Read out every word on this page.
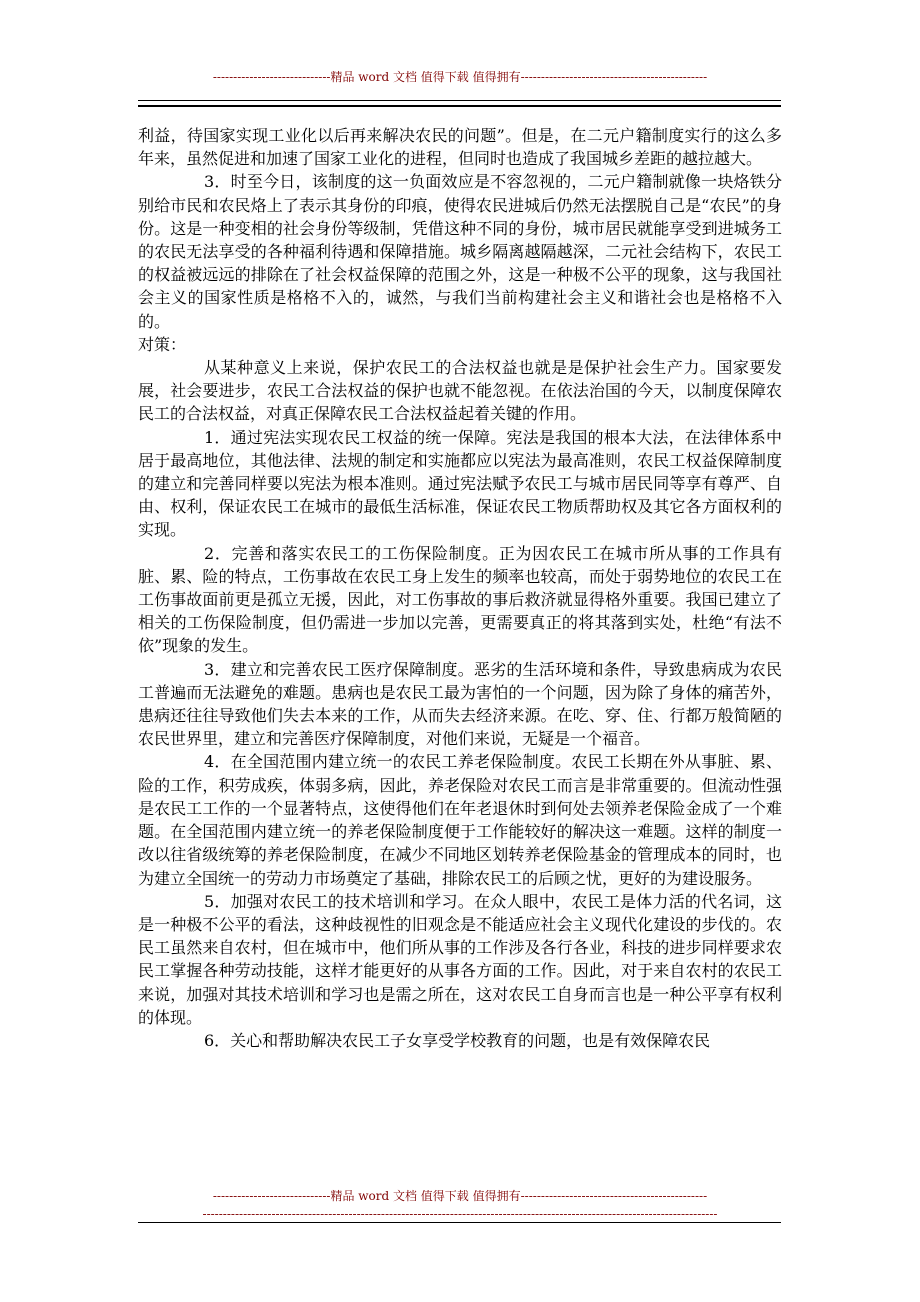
-----------------------------精品 word 文档 值得下载 值得拥有----------------------------------------------

利益，待国家实现工业化以后再来解决农民的问题”。但是，在二元户籍制度实行的这么多年来，虽然促进和加速了国家工业化的进程，但同时也造成了我国城乡差距的越拉越大。

3．时至今日，该制度的这一负面效应是不容忽视的，二元户籍制就像一块烙铁分别给市民和农民烙上了表示其身份的印痕，使得农民进城后仍然无法摆脱自己是“农民”的身份。这是一种变相的社会身份等级制，凭借这种不同的身份，城市居民就能享受到进城务工的农民无法享受的各种福利待遇和保障措施。城乡隔离越隔越深，二元社会结构下，农民工的权益被远远的排除在了社会权益保障的范围之外，这是一种极不公平的现象，这与我国社会主义的国家性质是格格不入的，诚然，与我们当前构建社会主义和谐社会也是格格不入的。

对策：

从某种意义上来说，保护农民工的合法权益也就是是保护社会生产力。国家要发展，社会要进步，农民工合法权益的保护也就不能忽视。在依法治国的今天，以制度保障农民工的合法权益，对真正保障农民工合法权益起着关键的作用。

1．通过宪法实现农民工权益的统一保障。宪法是我国的根本大法，在法律体系中居于最高地位，其他法律、法规的制定和实施都应以宪法为最高准则，农民工权益保障制度的建立和完善同样要以宪法为根本准则。通过宪法赋予农民工与城市居民同等享有尊严、自由、权利，保证农民工在城市的最低生活标准，保证农民工物质帮助权及其它各方面权利的实现。

2．完善和落实农民工的工伤保险制度。正为因农民工在城市所从事的工作具有脏、累、险的特点，工伤事故在农民工身上发生的频率也较高，而处于弱势地位的农民工在工伤事故面前更是孤立无援，因此，对工伤事故的事后救济就显得格外重要。我国已建立了相关的工伤保险制度，但仍需进一步加以完善，更需要真正的将其落到实处，杜绝“有法不依”现象的发生。

3．建立和完善农民工医疗保障制度。恶劣的生活环境和条件，导致患病成为农民工普遍而无法避免的难题。患病也是农民工最为害怕的一个问题，因为除了身体的痛苦外，患病还往往导致他们失去本来的工作，从而失去经济来源。在吃、穿、住、行都万般简陋的农民世界里，建立和完善医疗保障制度，对他们来说，无疑是一个福音。

4．在全国范围内建立统一的农民工养老保险制度。农民工长期在外从事脏、累、险的工作，积劳成疾，体弱多病，因此，养老保险对农民工而言是非常重要的。但流动性强是农民工工作的一个显著特点，这使得他们在年老退休时到何处去领养老保险金成了一个难题。在全国范围内建立统一的养老保险制度便于工作能较好的解决这一难题。这样的制度一改以往省级统筹的养老保险制度，在减少不同地区划转养老保险基金的管理成本的同时，也为建立全国统一的劳动力市场奠定了基础，排除农民工的后顾之忧，更好的为建设服务。

5．加强对农民工的技术培训和学习。在众人眼中，农民工是体力活的代名词，这是一种极不公平的看法，这种歧视性的旧观念是不能适应社会主义现代化建设的步伐的。农民工虽然来自农村，但在城市中，他们所从事的工作涉及各行各业，科技的进步同样要求农民工掌握各种劳动技能，这样才能更好的从事各方面的工作。因此，对于来自农村的农民工来说，加强对其技术培训和学习也是需之所在，这对农民工自身而言也是一种公平享有权利的体现。

6．关心和帮助解决农民工子女享受学校教育的问题，也是有效保障农民

-----------------------------精品 word 文档 值得下载 值得拥有----------------------------------------------
-------------------------------------------------------------------------------------------------------------------------------
